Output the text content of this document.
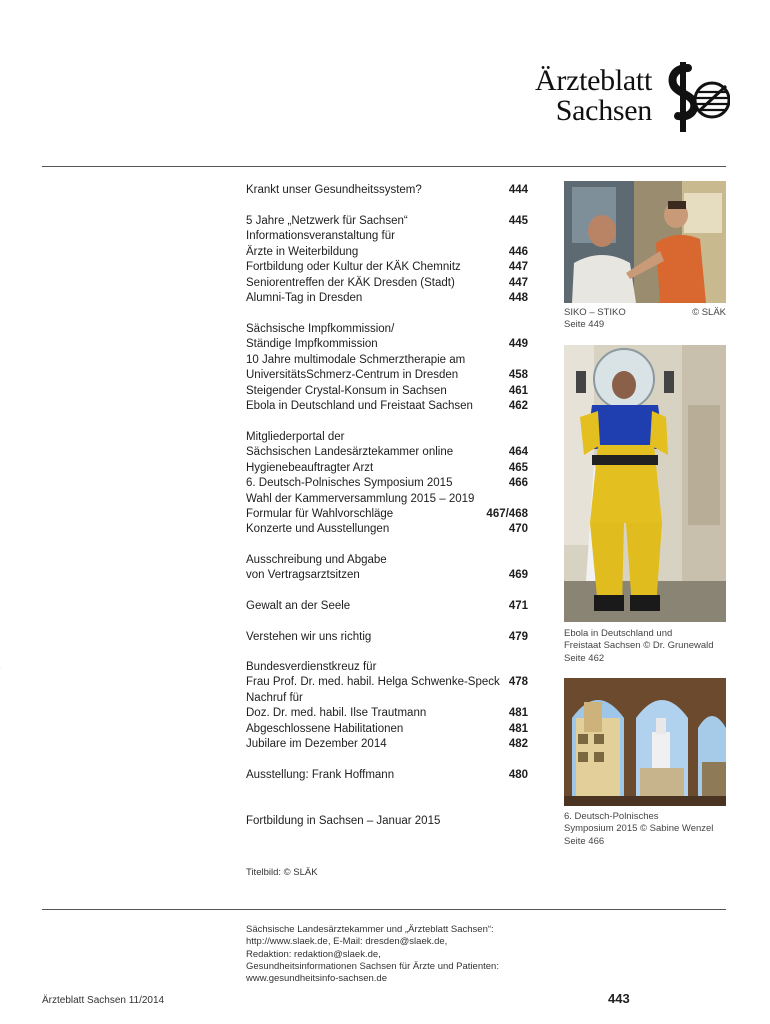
Ärzteblatt
Sachsen
Krankt unser Gesundheitssystem?	444
5 Jahre „Netzwerk für Sachsen“	445
Informationsveranstaltung für
Ärzte in Weiterbildung	446
Fortbildung oder Kultur der KÄK Chemnitz	447
Seniorentreffen der KÄK Dresden (Stadt)	447
Alumni-Tag in Dresden	448
Sächsische Impfkommission/
Ständige Impfkommission	449
10 Jahre multimodale Schmerztherapie am
UniversitätsSchmerz-Centrum in Dresden	458
Steigender Crystal-Konsum in Sachsen	461
Ebola in Deutschland und Freistaat Sachsen	462
Mitgliederportal der
Sächsischen Landesärztekammer online	464
Hygienebeauftragter Arzt	465
6. Deutsch-Polnisches Symposium 2015	466
Wahl der Kammerversammlung 2015 – 2019
Formular für Wahlvorschläge	467/468
Konzerte und Ausstellungen	470
Ausschreibung und Abgabe
von Vertragsarztsitzen	469
Gewalt an der Seele	471
Verstehen wir uns richtig	479
Bundesverdienstkreuz für
Frau Prof. Dr. med. habil. Helga Schwenke-Speck 478
Nachruf für
Doz. Dr. med. habil. Ilse Trautmann	481
Abgeschlossene Habilitationen	481
Jubilare im Dezember 2014	482
Ausstellung: Frank Hoffmann	480
Fortbildung in Sachsen – Januar 2015
SIKO – STIKO	© SLÄK
Seite 449
Ebola in Deutschland und
Freistaat Sachsen © Dr. Grunewald
Seite 462
6. Deutsch-Polnisches
Symposium 2015 © Sabine Wenzel
Seite 466
Titelbild: © SLÄK
Sächsische Landesärztekammer und „Ärzteblatt Sachsen“:
http://www.slaek.de, E-Mail: dresden@slaek.de,
Redaktion: redaktion@slaek.de,
Gesundheitsinformationen Sachsen für Ärzte und Patienten:
www.gesundheitsinfo-sachsen.de
Ärzteblatt Sachsen 11/2014	443
